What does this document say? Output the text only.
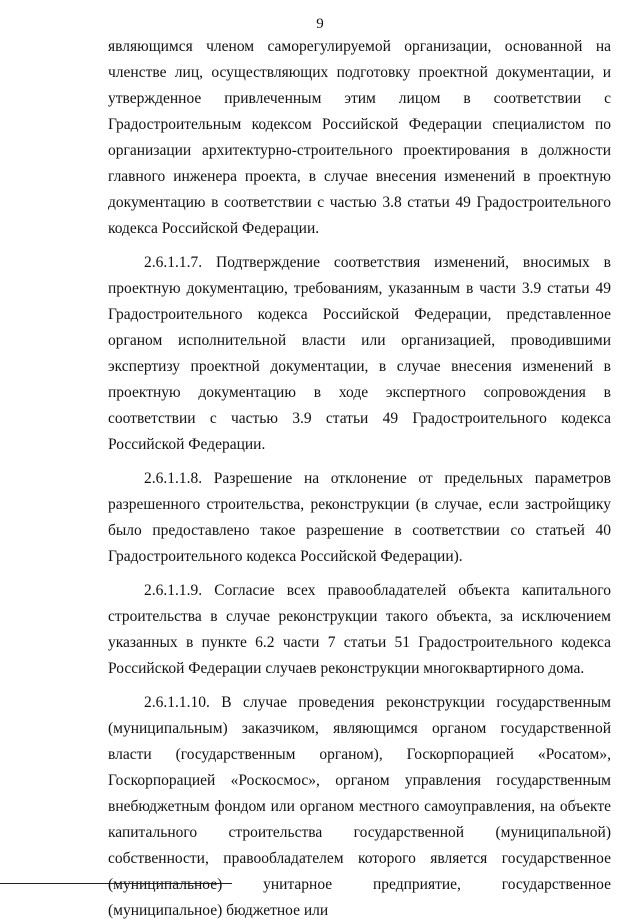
9

являющимся членом саморегулируемой организации, основанной на членстве лиц, осуществляющих подготовку проектной документации, и утвержденное привлеченным этим лицом в соответствии с Градостроительным кодексом Российской Федерации специалистом по организации архитектурно-строительного проектирования в должности главного инженера проекта, в случае внесения изменений в проектную документацию в соответствии с частью 3.8 статьи 49 Градостроительного кодекса Российской Федерации.

2.6.1.1.7. Подтверждение соответствия изменений, вносимых в проектную документацию, требованиям, указанным в части 3.9 статьи 49 Градостроительного кодекса Российской Федерации, представленное органом исполнительной власти или организацией, проводившими экспертизу проектной документации, в случае внесения изменений в проектную документацию в ходе экспертного сопровождения в соответствии с частью 3.9 статьи 49 Градостроительного кодекса Российской Федерации.

2.6.1.1.8. Разрешение на отклонение от предельных параметров разрешенного строительства, реконструкции (в случае, если застройщику было предоставлено такое разрешение в соответствии со статьей 40 Градостроительного кодекса Российской Федерации).

2.6.1.1.9. Согласие всех правообладателей объекта капитального строительства в случае реконструкции такого объекта, за исключением указанных в пункте 6.2 части 7 статьи 51 Градостроительного кодекса Российской Федерации случаев реконструкции многоквартирного дома.

2.6.1.1.10. В случае проведения реконструкции государственным (муниципальным) заказчиком, являющимся органом государственной власти (государственным органом), Госкорпорацией «Росатом», Госкорпорацией «Роскосмос», органом управления государственным внебюджетным фондом или органом местного самоуправления, на объекте капитального строительства государственной (муниципальной) собственности, правообладателем которого является государственное (муниципальное) унитарное предприятие, государственное (муниципальное) бюджетное или
